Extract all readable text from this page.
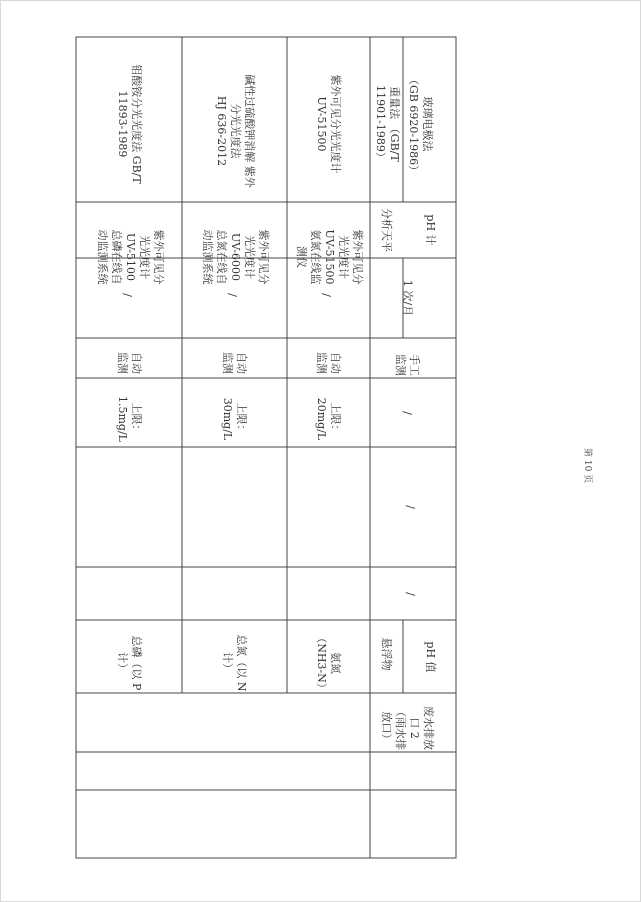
钼酸铵分光光度法 GB/T
11893-1989
紫外可见分
光光度计
UV-5100
总磷在线自
动监测系统
/
自动
监测
上限：
1.5mg/L
总磷（以 P
计）
碱性过硫酸钾消解 紫外
分光光度法
HJ 636-2012
紫外可见分
光光度计
UV-6000
总氮在线自
动监测系统
/
自动
监测
上限：
30mg/L
总氮（以 N
计）
紫外可见分光光度计
UV-51500
紫外可见分
光光度计
UV-51500
氨氮在线监
测仪
/
自动
监测
上限：
20mg/L
氨氮
（NH3-N）
重量法 （GB/T
11901-1989）
分析天平
1 次/月
手工
监测
/
悬浮物
废水排放
口 2
（雨水排
放口）
玻璃电极法
（GB 6920-1986）
pH 计
pH 值
/
/
第 10 页
